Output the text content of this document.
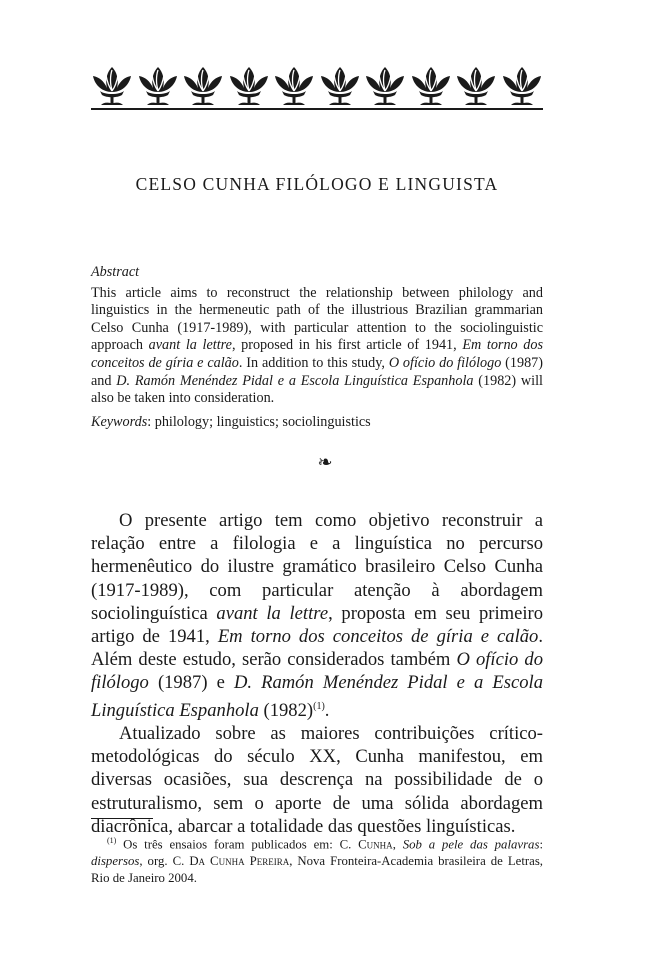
CELSO CUNHA FILÓLOGO E LINGUISTA
Abstract
This article aims to reconstruct the relationship between philology and linguistics in the hermeneutic path of the illustrious Brazilian grammarian Celso Cunha (1917-1989), with particular attention to the sociolinguistic approach avant la lettre, proposed in his first article of 1941, Em torno dos conceitos de gíria e calão. In addition to this study, O ofício do filólogo (1987) and D. Ramón Menéndez Pidal e a Escola Linguística Espanhola (1982) will also be taken into consideration.
Keywords: philology; linguistics; sociolinguistics
❧

O presente artigo tem como objetivo reconstruir a relação entre a filologia e a linguística no percurso hermenêutico do ilustre gramático brasileiro Celso Cunha (1917-1989), com particular atenção à abordagem sociolinguística avant la lettre, proposta em seu primeiro artigo de 1941, Em torno dos conceitos de gíria e calão. Além deste estudo, serão considerados também O ofício do filólogo (1987) e D. Ramón Menéndez Pidal e a Escola Linguística Espanhola $(1982)^{(1)}$.

Atualizado sobre as maiores contribuições crítico-metodológicas do século XX, Cunha manifestou, em diversas ocasiões, sua descrença na possibilidade de o estruturalismo, sem o aporte de uma sólida abordagem diacrônica, abarcar a totalidade das questões linguísticas.

$^{(1)}$ Os três ensaios foram publicados em: C. Cunha, Sob a pele das palavras: dispersos, org. C. Da Cunha Pereira, Nova Fronteira-Academia brasileira de Letras, Rio de Janeiro 2004.
